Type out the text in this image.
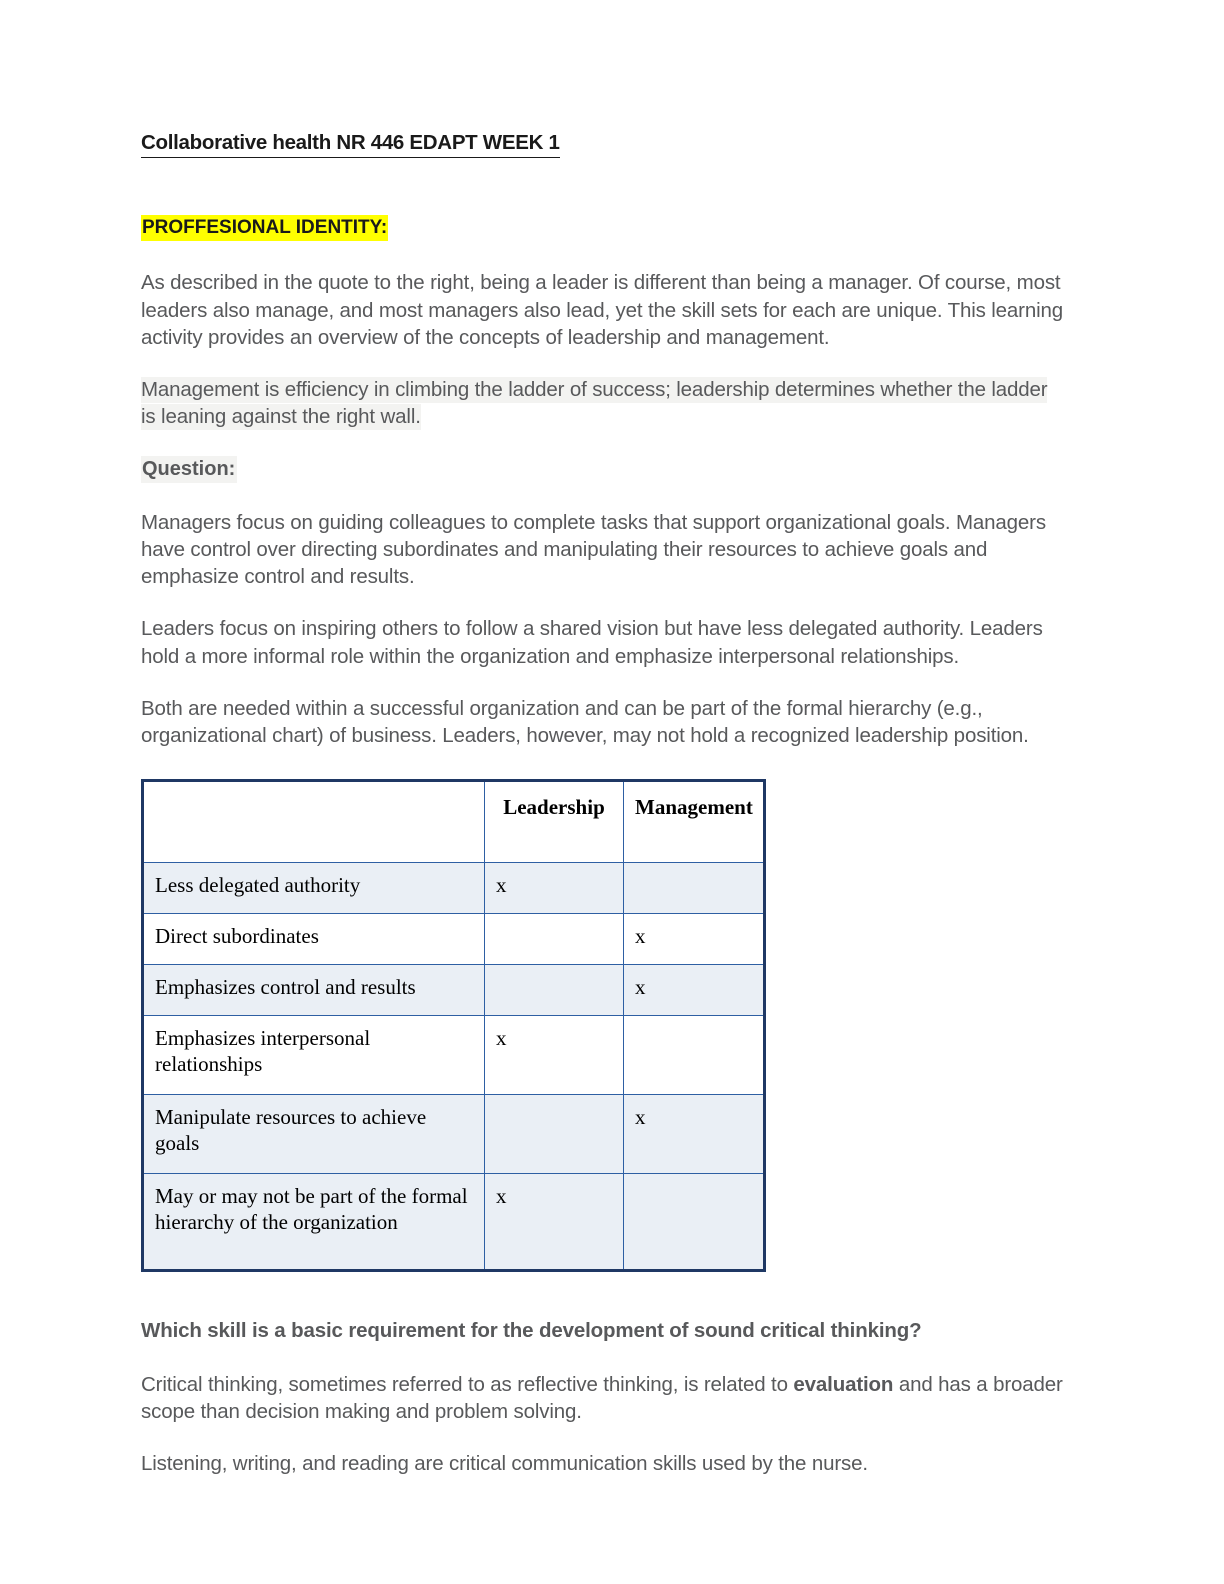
Collaborative health NR 446 EDAPT WEEK 1
PROFFESIONAL IDENTITY:

As described in the quote to the right, being a leader is different than being a manager. Of course, most leaders also manage, and most managers also lead, yet the skill sets for each are unique. This learning activity provides an overview of the concepts of leadership and management.

Management is efficiency in climbing the ladder of success; leadership determines whether the ladder is leaning against the right wall.

Question:

Managers focus on guiding colleagues to complete tasks that support organizational goals. Managers have control over directing subordinates and manipulating their resources to achieve goals and emphasize control and results.

Leaders focus on inspiring others to follow a shared vision but have less delegated authority. Leaders hold a more informal role within the organization and emphasize interpersonal relationships.

Both are needed within a successful organization and can be part of the formal hierarchy (e.g., organizational chart) of business. Leaders, however, may not hold a recognized leadership position.

	Leadership	Management
Less delegated authority	x	
Direct subordinates		x
Emphasizes control and results		x
Emphasizes interpersonal relationships	x	
Manipulate resources to achieve goals		x
May or may not be part of the formal hierarchy of the organization	x	
Which skill is a basic requirement for the development of sound critical thinking?

Critical thinking, sometimes referred to as reflective thinking, is related to evaluation and has a broader scope than decision making and problem solving.

Listening, writing, and reading are critical communication skills used by the nurse.
